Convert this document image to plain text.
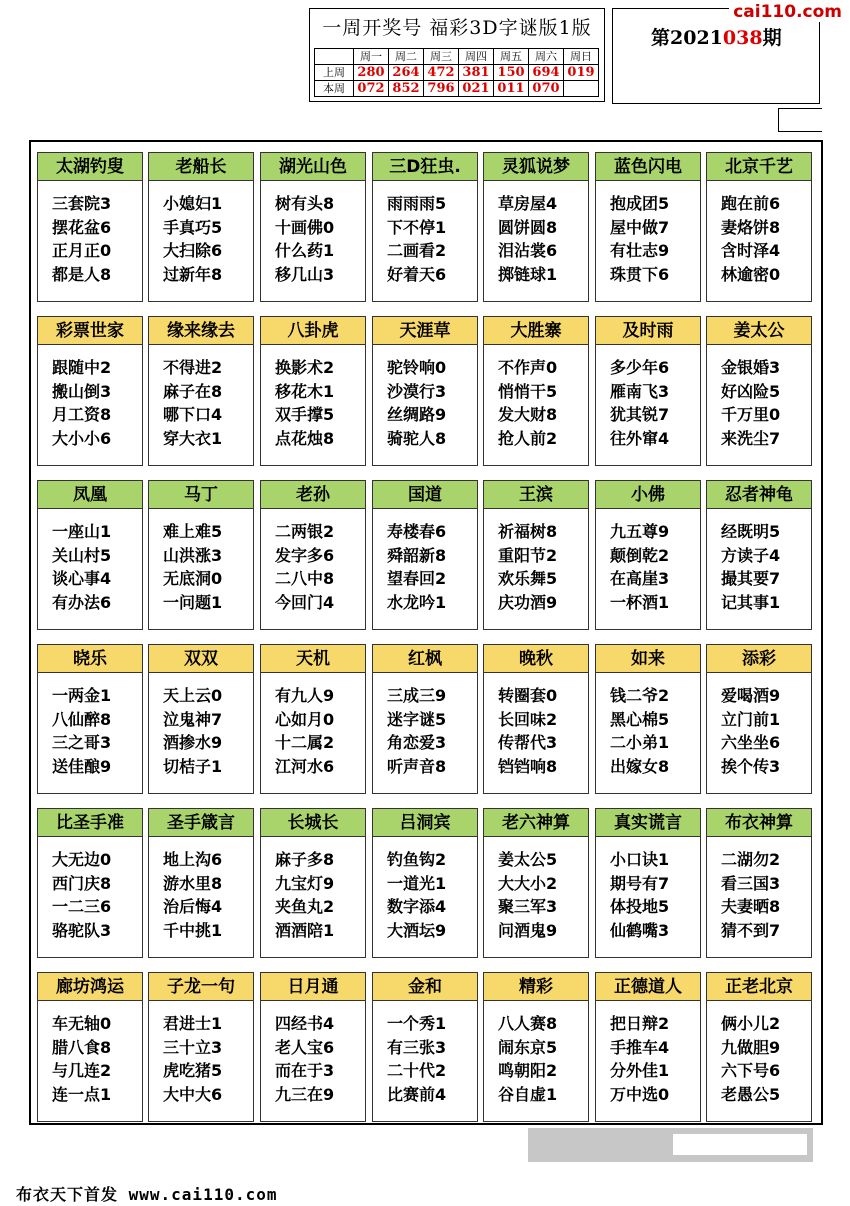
一周开奖号 福彩3D字谜版1版
	周一	周二	周三	周四	周五	周六	周日
上周	280	264	472	381	150	694	019
本周	072	852	796	021	011	070	
第2021038期
cai110.com
太湖钓叟
三套院3
摆花盆6
正月正0
都是人8
老船长
小媳妇1
手真巧5
大扫除6
过新年8
湖光山色
树有头8
十画佛0
什么药1
移几山3
三D狂虫.
雨雨雨5
下不停1
二画看2
好着天6
灵狐说梦
草房屋4
圆饼圆8
泪沾裳6
掷链球1
蓝色闪电
抱成团5
屋中做7
有壮志9
珠贯下6
北京千艺
跑在前6
妻烙饼8
含时泽4
林逾密0
彩票世家
跟随中2
搬山倒3
月工资8
大小小6
缘来缘去
不得进2
麻子在8
哪下口4
穿大衣1
八卦虎
换影术2
移花木1
双手撑5
点花烛8
天涯草
驼铃响0
沙漠行3
丝绸路9
骑驼人8
大胜寨
不作声0
悄悄干5
发大财8
抢人前2
及时雨
多少年6
雁南飞3
犹其锐7
往外窜4
姜太公
金银婚3
好凶险5
千万里0
来洗尘7
凤凰
一座山1
关山村5
谈心事4
有办法6
马丁
难上难5
山洪涨3
无底洞0
一问题1
老孙
二两银2
发字多6
二八中8
今回门4
国道
寿楼春6
舜韶新8
望春回2
水龙吟1
王滨
祈福树8
重阳节2
欢乐舞5
庆功酒9
小佛
九五尊9
颠倒乾2
在高崖3
一杯酒1
忍者神龟
经既明5
方读子4
撮其要7
记其事1
晓乐
一两金1
八仙醉8
三之哥3
送佳酿9
双双
天上云0
泣鬼神7
酒掺水9
切桔子1
天机
有九人9
心如月0
十二属2
江河水6
红枫
三成三9
迷字谜5
角恋爱3
听声音8
晚秋
转圈套0
长回味2
传帮代3
铛铛响8
如来
钱二爷2
黑心棉5
二小弟1
出嫁女8
添彩
爱喝酒9
立门前1
六坐坐6
挨个传3
比圣手准
大无边0
西门庆8
一二三6
骆驼队3
圣手箴言
地上沟6
游水里8
治后悔4
千中挑1
长城长
麻子多8
九宝灯9
夹鱼丸2
酒酒陪1
吕洞宾
钓鱼钩2
一道光1
数字添4
大酒坛9
老六神算
姜太公5
大大小2
聚三军3
问酒鬼9
真实谎言
小口诀1
期号有7
体投地5
仙鹤嘴3
布衣神算
二湖勿2
看三国3
夫妻晒8
猜不到7
廊坊鸿运
车无轴0
腊八食8
与几连2
连一点1
子龙一句
君进士1
三十立3
虎吃猪5
大中大6
日月通
四经书4
老人宝6
而在于3
九三在9
金和
一个秀1
有三张3
二十代2
比赛前4
精彩
八人赛8
闹东京5
鸣朝阳2
谷自虚1
正德道人
把日辩2
手推车4
分外佳1
万中选0
正老北京
俩小儿2
九做胆9
六下号6
老愚公5
布衣天下首发 www.cai110.com
